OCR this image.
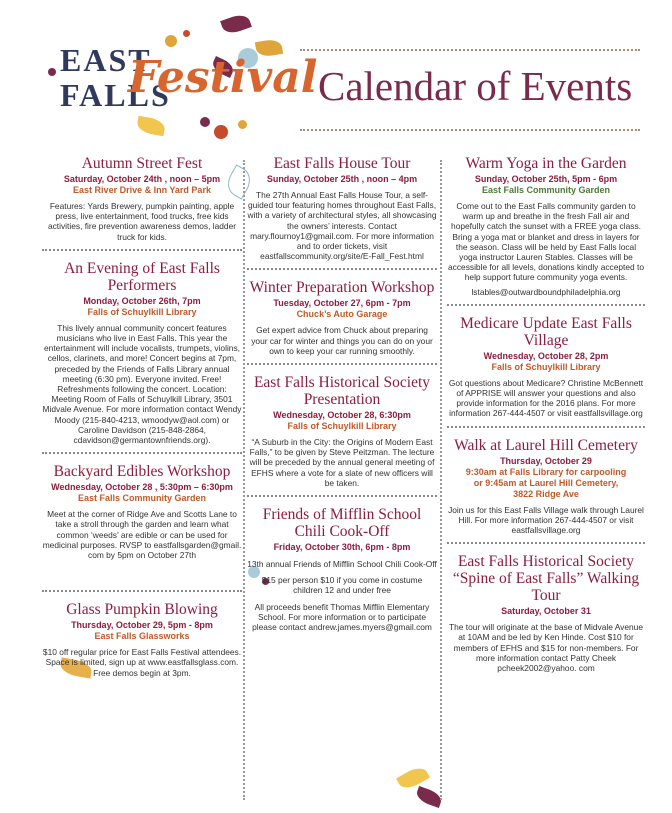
EAST
FALLS
Festival Calendar of Events
Autumn Street Fest
Saturday, October 24th , noon – 5pm
East River Drive & Inn Yard Park

Features: Yards Brewery, pumpkin painting, apple press, live entertainment, food trucks, free kids activities, fire prevention awareness demos, ladder truck for kids.

An Evening of East Falls Performers
Monday, October 26th, 7pm
Falls of Schuylkill Library

This lively annual community concert features musicians who live in East Falls. This year the entertainment will include vocalists, trumpets, violins, cellos, clarinets, and more! Concert begins at 7pm, preceded by the Friends of Falls Library annual meeting (6:30 pm). Everyone invited. Free! Refreshments following the concert. Location: Meeting Room of Falls of Schuylkill Library, 3501 Midvale Avenue. For more information contact Wendy Moody (215-840-4213, wmoodyw@aol.com) or Caroline Davidson (215-848-2864, cdavidson@germantownfriends.org).

Backyard Edibles Workshop
Wednesday, October 28 , 5:30pm – 6:30pm
East Falls Community Garden

Meet at the corner of Ridge Ave and Scotts Lane to take a stroll through the garden and learn what common ‘weeds’ are edible or can be used for medicinal purposes. RVSP to eastfallsgarden@gmail. com by 5pm on October 27th

Glass Pumpkin Blowing
Thursday, October 29, 5pm - 8pm
East Falls Glassworks

$10 off regular price for East Falls Festival attendees. Space is limited, sign up at www.eastfallsglass.com. Free demos begin at 3pm.

East Falls House Tour
Sunday, October 25th , noon – 4pm

The 27th Annual East Falls House Tour, a self-guided tour featuring homes throughout East Falls, with a variety of architectural styles, all showcasing the owners’ interests. Contact mary.flournoy1@gmail.com. For more information and to order tickets, visit eastfallscommunity.org/site/E-Fall_Fest.html

Winter Preparation Workshop
Tuesday, October 27, 6pm - 7pm
Chuck’s Auto Garage

Get expert advice from Chuck about preparing your car for winter and things you can do on your own to keep your car running smoothly.

East Falls Historical Society Presentation
Wednesday, October 28, 6:30pm
Falls of Schuylkill Library

“A Suburb in the City: the Origins of Modern East Falls,” to be given by Steve Peitzman. The lecture will be preceded by the annual general meeting of EFHS where a vote for a slate of new officers will be taken.

Friends of Mifflin School Chili Cook-Off
Friday, October 30th, 6pm - 8pm

13th annual Friends of Mifflin School Chili Cook-Off

$15 per person $10 if you come in costume children 12 and under free

All proceeds benefit Thomas Mifflin Elementary School. For more information or to participate please contact andrew.james.myers@gmail.com

Warm Yoga in the Garden
Sunday, October 25th, 5pm - 6pm
East Falls Community Garden

Come out to the East Falls community garden to warm up and breathe in the fresh Fall air and hopefully catch the sunset with a FREE yoga class. Bring a yoga mat or blanket and dress in layers for the season. Class will be held by East Falls local yoga instructor Lauren Stables. Classes will be accessible for all levels, donations kindly accepted to help support future community yoga events.

lstables@outwardboundphiladelphia.org

Medicare Update East Falls Village
Wednesday, October 28, 2pm
Falls of Schuylkill Library

Got questions about Medicare? Christine McBennett of APPRISE will answer your questions and also provide information for the 2016 plans. For more information 267-444-4507 or visit eastfallsvillage.org

Walk at Laurel Hill Cemetery
Thursday, October 29
9:30am at Falls Library for carpooling
or 9:45am at Laurel Hill Cemetery,
3822 Ridge Ave

Join us for this East Falls Village walk through Laurel Hill. For more information 267-444-4507 or visit eastfallsvillage.org

East Falls Historical Society “Spine of East Falls” Walking Tour
Saturday, October 31

The tour will originate at the base of Midvale Avenue at 10AM and be led by Ken Hinde. Cost $10 for members of EFHS and $15 for non-members. For more information contact Patty Cheek pcheek2002@yahoo. com
